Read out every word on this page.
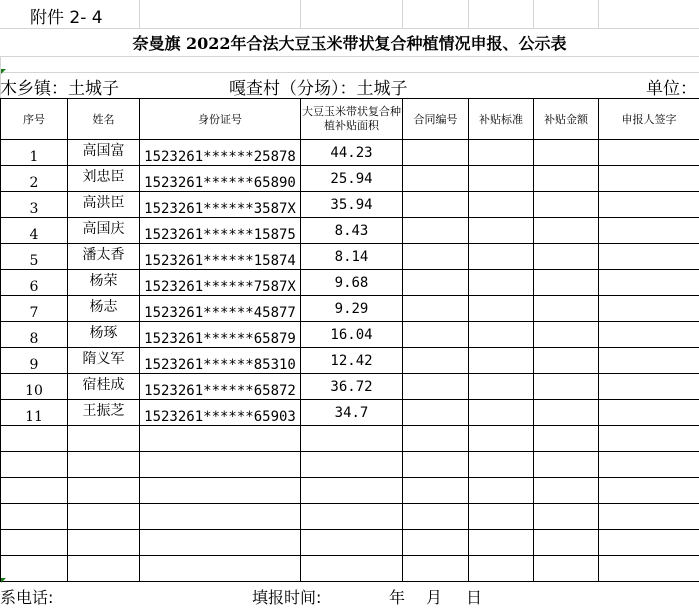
附件 2- 4
奈曼旗 2022年合法大豆玉米带状复合种植情况申报、公示表
木乡镇：土城子	嘎查村（分场）：土城子	单位：
序号	姓名	身份证号	大豆玉米带状复合种植补贴面积	合同编号	补贴标准	补贴金额	申报人签字
1	高国富	1523261******25878	44.23				
2	刘忠臣	1523261******65890	25.94				
3	高洪臣	1523261******3587X	35.94				
4	高国庆	1523261******15875	8.43				
5	潘太香	1523261******15874	8.14				
6	杨荣	1523261******7587X	9.68				
7	杨志	1523261******45877	9.29				
8	杨琢	1523261******65879	16.04				
9	隋义军	1523261******85310	12.42				
10	宿桂成	1523261******65872	36.72				
11	王振芝	1523261******65903	34.7				

系电话:	填报时间:	年 月 日
